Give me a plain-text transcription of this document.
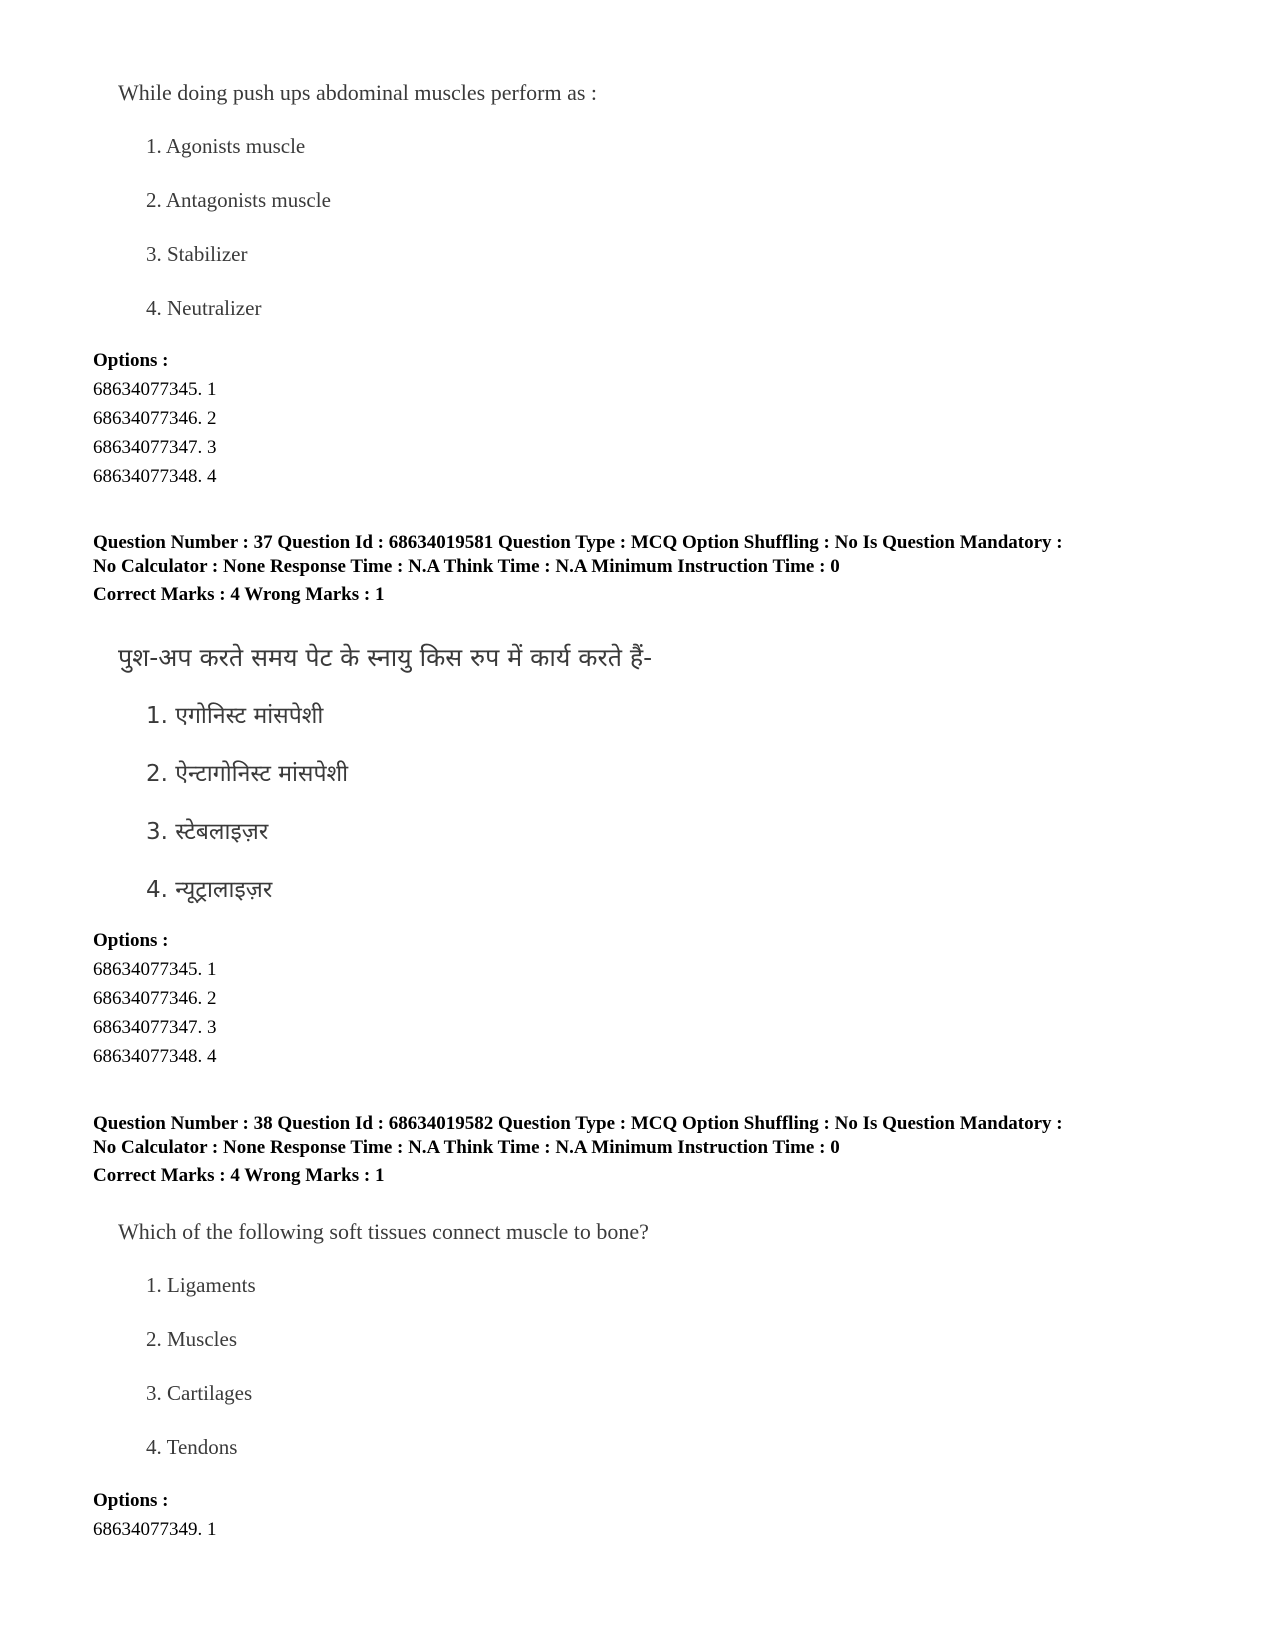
While doing push ups abdominal muscles perform as :
1. Agonists muscle
2. Antagonists muscle
3. Stabilizer
4. Neutralizer
Options :
68634077345. 1
68634077346. 2
68634077347. 3
68634077348. 4
Question Number : 37 Question Id : 68634019581 Question Type : MCQ Option Shuffling : No Is Question Mandatory :
No Calculator : None Response Time : N.A Think Time : N.A Minimum Instruction Time : 0
Correct Marks : 4 Wrong Marks : 1
पुश-अप करते समय पेट के स्नायु किस रुप में कार्य करते हैं-
1. एगोनिस्ट मांसपेशी
2. ऐन्टागोनिस्ट मांसपेशी
3. स्टेबलाइज़र
4. न्यूट्रालाइज़र
Options :
68634077345. 1
68634077346. 2
68634077347. 3
68634077348. 4
Question Number : 38 Question Id : 68634019582 Question Type : MCQ Option Shuffling : No Is Question Mandatory :
No Calculator : None Response Time : N.A Think Time : N.A Minimum Instruction Time : 0
Correct Marks : 4 Wrong Marks : 1
Which of the following soft tissues connect muscle to bone?
1. Ligaments
2. Muscles
3. Cartilages
4. Tendons
Options :
68634077349. 1
